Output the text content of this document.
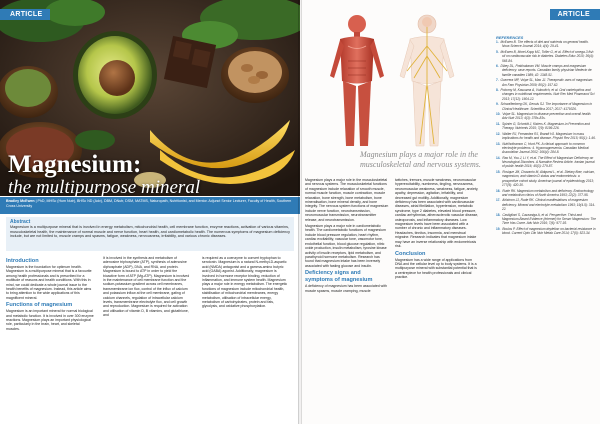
ARTICLE
Magnesium:
the multipurpose mineral
Bradley McEwen | PhD, MHSc (Hum Nutr), BHSc ND (Adv), DBM, DNutr, DSM, MATMS, Naturopath, Nutritionist, and Mentor. Adjunct Senior Lecturer, Faculty of Health, Southern Cross University
Abstract
Magnesium is a multipurpose mineral that is involved in energy metabolism, mitochondrial health, cell membrane function, enzyme reactions, activation of various vitamins, musculoskeletal health, the maintenance of normal muscle and nerve function, heart health, and cardiometabolic health. The numerous symptoms of magnesium deficiency include, but are not limited to, muscle cramps and spasms, fatigue, weakness, nervousness, irritability, and various chronic diseases.
Introduction

Magnesium is the foundation for optimum health. Magnesium is a multipurpose mineral that is a favourite among health professionals and is prescribed for a multitude of reasons and health conditions. With this in mind, we could dedicate a whole journal issue to the health benefits of magnesium. Instead, this article aims to bring attention to the wide applications of this magnificent mineral.

Functions of magnesium

Magnesium is an important mineral for normal biological and metabolic function. It is involved in over 300 enzyme reactions. Magnesium plays an important physiological role, particularly in the brain, heart, and skeletal muscles.

It is involved in the synthesis and metabolism of adenosine triphosphate (ATP), synthesis of adenosine diphosphate (ADP), DNA, and RNA, and protein. Magnesium is bound to ATP in order to yield the bioactive form of ATP (Mg-ATP). Magnesium is involved in the maintenance of cell membrane function and the sodium-potassium gradient across cell membranes, transmembrane ion flux, control of the influx of calcium and potassium inflow at the cell membrane, gating of calcium channels, regulation of intracellular calcium levels, transmembrane electrolyte flux, and cell growth and reproduction. Magnesium is required for activation and utilisation of vitamin D, B vitamins, and glutathione, and

is required as a coenzyme to convert tryptophan to serotonin. Magnesium is a natural N-methyl-D-aspartic acid (NMDA) antagonist and a gamma-amino butyric acid (GABA) agonist. Additionally, magnesium is involved in hormone receptor binding, reduction of inflammation, and immune system health. Magnesium plays a major role in energy metabolism. The energetic functions of magnesium include mitochondrial health, stabilisation of mitochondrial membranes, energy metabolism, utilisation of intracellular energy, metabolism of carbohydrates, protein and fats, glycolysis, and oxidative phosphorylation.

ARTICLE
Magnesium plays a major role in the musculoskeletal and nervous systems.

Magnesium plays a major role in the musculoskeletal and nervous systems. The musculoskeletal functions of magnesium include relaxation of smooth muscle, normal muscle function, muscle contraction, muscle relaxation, bone strength, bone metabolism, bone mineralisation, bone mineral density, and bone integrity. The nervous system functions of magnesium include nerve function, neurotransmission, neuromuscular transmission, neurotransmitter release, and neurotransmission.

Magnesium plays a major role in cardiometabolic health. The cardiometabolic functions of magnesium include blood pressure regulation, heart rhythm, cardiac excitability, vascular tone, vasomotor tone, endothelial function, blood glucose regulation, nitric oxide production, insulin metabolism, tyrosine kinase activity of insulin receptors, lipid metabolism, and parathyroid hormone metabolism. Research has found that magnesium intake has been inversely associated with fasting glucose and insulin.

Deficiency signs and symptoms of magnesium

A deficiency of magnesium has been associated with muscle spasms, muscle cramping, muscle

twitches, tremors, muscle weakness, neuromuscular hyperexcitability, numbness, tingling, nervousness, neuromuscular weakness, weakness, fatigue, anxiety, apathy, depression, agitation, irritability, and decreased gut motility. Additionally, magnesium deficiency has been associated with cardiovascular diseases, atrial fibrillation, hypertension, metabolic syndrome, type 2 diabetes, elevated blood pressure, cardiac arrhythmias, atherosclerotic vascular disease, osteoporosis, and inflammatory diseases. Low magnesium levels have been associated with a number of chronic and inflammatory diseases. Headaches, tinnitus, insomnia, and menstrual migraine. Research indicates that magnesium intake may have an inverse relationship with endometriosis risk.

Conclusion

Magnesium has a wide range of applications from DNA and the cellular level up to body systems. It is a multipurpose mineral with substantial potential that is a centrepiece for health professionals and clinical practice.

REFERENCES
1. McEwen B. The effects of diet and nutrients on general health. Nova Science Journal 2014; 4(4): 29-41.
5. McEwen B, Morel-Kopp MC, Tofler G, et al. Effect of omega-3 fish oil on cardiovascular risk in diabetes. Diabetes Educ 2010; 36(4): 565-84.
6. Dibey DL, Prabhakaran VM. Muscle cramps and magnesium deficiency: case reports. Canadian family physician Medecin de famille canadien 1989; 42: 1348-51.
7. Guerrera MP, Volpe SL, Mao JJ. Therapeutic uses of magnesium. Am Fam Physician 2009; 80(2): 157-62.
8. Pokorny M, Kasuurna A, Vukovitch, et al. Oral carbetophins and changes in nutritional requirements. Nutr Rev Med Pharmacol Sci 2013; 17(12): 1604-12.
9. Schwalfenberg GK, Genuis SJ. The Importance of Magnesium in Clinical Healthcare. Scientifica 2017; 2017: 4179326.
10. Volpe SL. Magnesium in disease prevention and overall health. Adv Nutr 2013; 4(3): 378s-83s.
11. Spinier G, Schmidt J, Kisters K. Magnesium-in Prevention and Therapy. Nutrients 2015; 7(9): 8199-226.
12. Walter RJ, Fernandez RJ, Brandt HJ. Magnesium in mass implications for health and disease. Physiol Rev 2015; 95(1): 1-46.
13. Nuhlholtramon C, Hunt PK. A clinical approach to common electrolyte problems: 4. Hypomagnesemia. Canadian Medical Association Journal 2002; 166(4): 284-8.
14. Rao M, You J, Li Y, et al. The Effect of Magnesium Deficiency on Neurological Disorders. A Narrative Review Article. Iranian journal of public health 2016; 45(3): 279-87.
15. Rosique JM, Chavarrio M, Aldquest L, et al. Dietary fiber, calcium, magnesium, and vitamin D status and endometriosis: a prospective cohort study. American journal of epidemiology 2013; 177(5): 420-30.
16. Rude RK. Magnesium metabolism and deficiency. Endocrinology and metabolism clinics of North America 1993; 22(2): 377-95.
17. Ahlstrom JJ, Rude RK. Clinical manifestations of magnesium deficiency. Mineral and electrolyte metabolism 1993; 19(4-5): 314-22.
18. Castiglioni S, Cazzaniga A, et al. Perspective: Thirst and Magnesium-Based Evidence (Internet) for Serum Magnesium: The Time Has Come. Adv Nutr 2016; 7(6): 977-93.
19. Boulos P. Effect of magnesium depletion on bacterial resistance in blood. Current Opin Clin Nutr Metab Care 2014; 17(5): 523-34.
